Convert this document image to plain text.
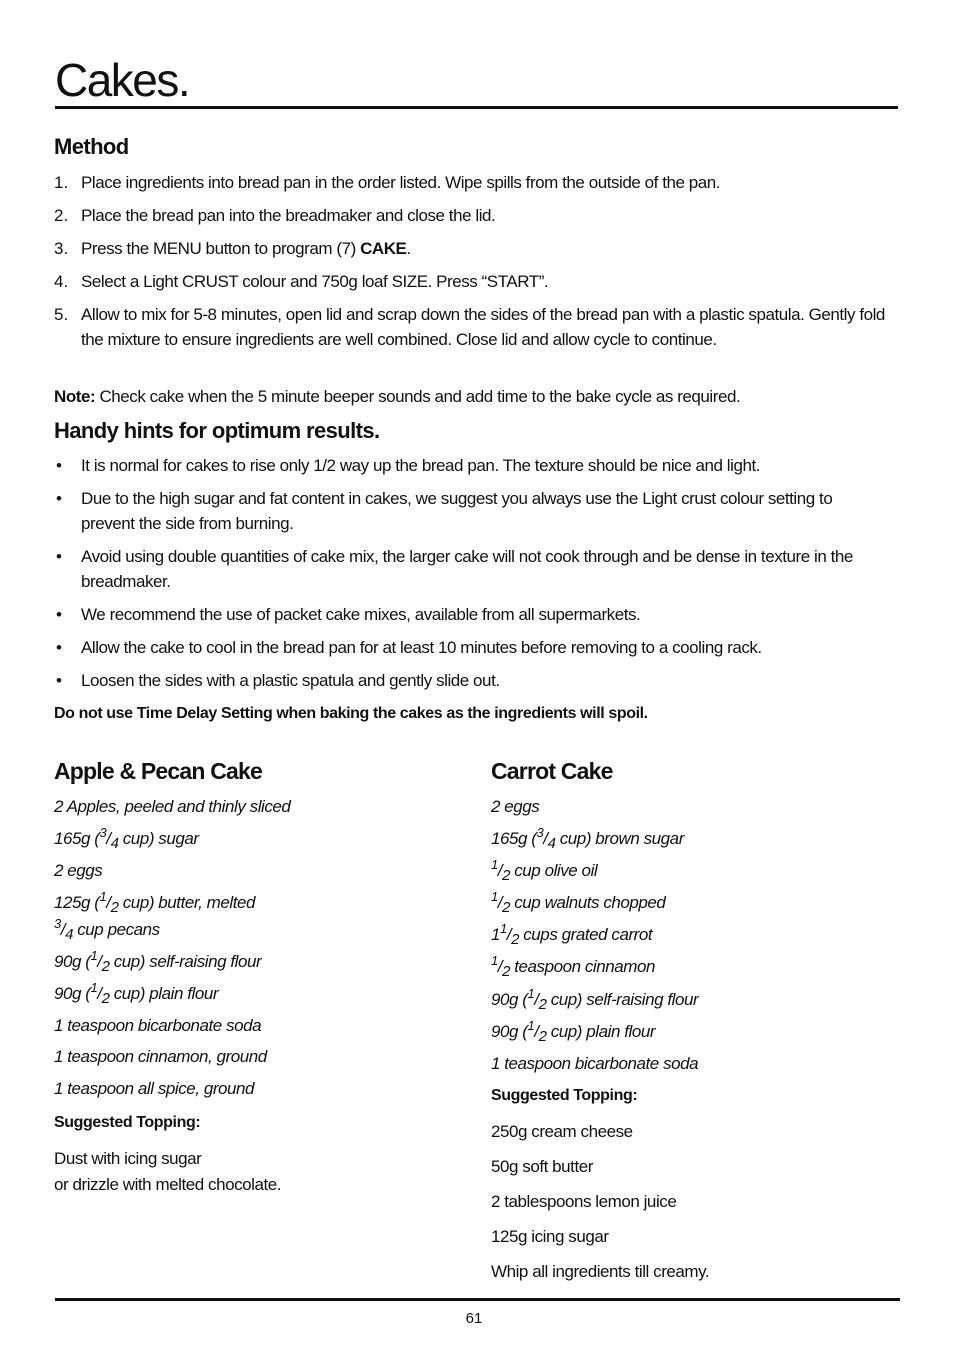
Cakes.
Method
1. Place ingredients into bread pan in the order listed. Wipe spills from the outside of the pan.
2. Place the bread pan into the breadmaker and close the lid.
3. Press the MENU button to program (7) CAKE.
4. Select a Light CRUST colour and 750g loaf SIZE. Press “START”.
5. Allow to mix for 5-8 minutes, open lid and scrap down the sides of the bread pan with a plastic spatula. Gently fold the mixture to ensure ingredients are well combined. Close lid and allow cycle to continue.
Note: Check cake when the 5 minute beeper sounds and add time to the bake cycle as required.
Handy hints for optimum results.
• It is normal for cakes to rise only 1/2 way up the bread pan. The texture should be nice and light.
• Due to the high sugar and fat content in cakes, we suggest you always use the Light crust colour setting to prevent the side from burning.
• Avoid using double quantities of cake mix, the larger cake will not cook through and be dense in texture in the breadmaker.
• We recommend the use of packet cake mixes, available from all supermarkets.
• Allow the cake to cool in the bread pan for at least 10 minutes before removing to a cooling rack.
• Loosen the sides with a plastic spatula and gently slide out.
Do not use Time Delay Setting when baking the cakes as the ingredients will spoil.
Apple & Pecan Cake
2 Apples, peeled and thinly sliced
165g ($^3$/4 cup) sugar
2 eggs
125g ($^1$/2 cup) butter, melted
$^3$/4 cup pecans
90g ($^1$/2 cup) self-raising flour
90g ($^1$/2 cup) plain flour
1 teaspoon bicarbonate soda
1 teaspoon cinnamon, ground
1 teaspoon all spice, ground
Suggested Topping:
Dust with icing sugar
or drizzle with melted chocolate.
Carrot Cake
2 eggs
165g ($^3$/4 cup) brown sugar
$^1$/2 cup olive oil
$^1$/2 cup walnuts chopped
$1^1/2$ cups grated carrot
$^1$/2 teaspoon cinnamon
90g ($^1$/2 cup) self-raising flour
90g ($^1$/2 cup) plain flour
1 teaspoon bicarbonate soda
Suggested Topping:
250g cream cheese
50g soft butter
2 tablespoons lemon juice
125g icing sugar
Whip all ingredients till creamy.
61
